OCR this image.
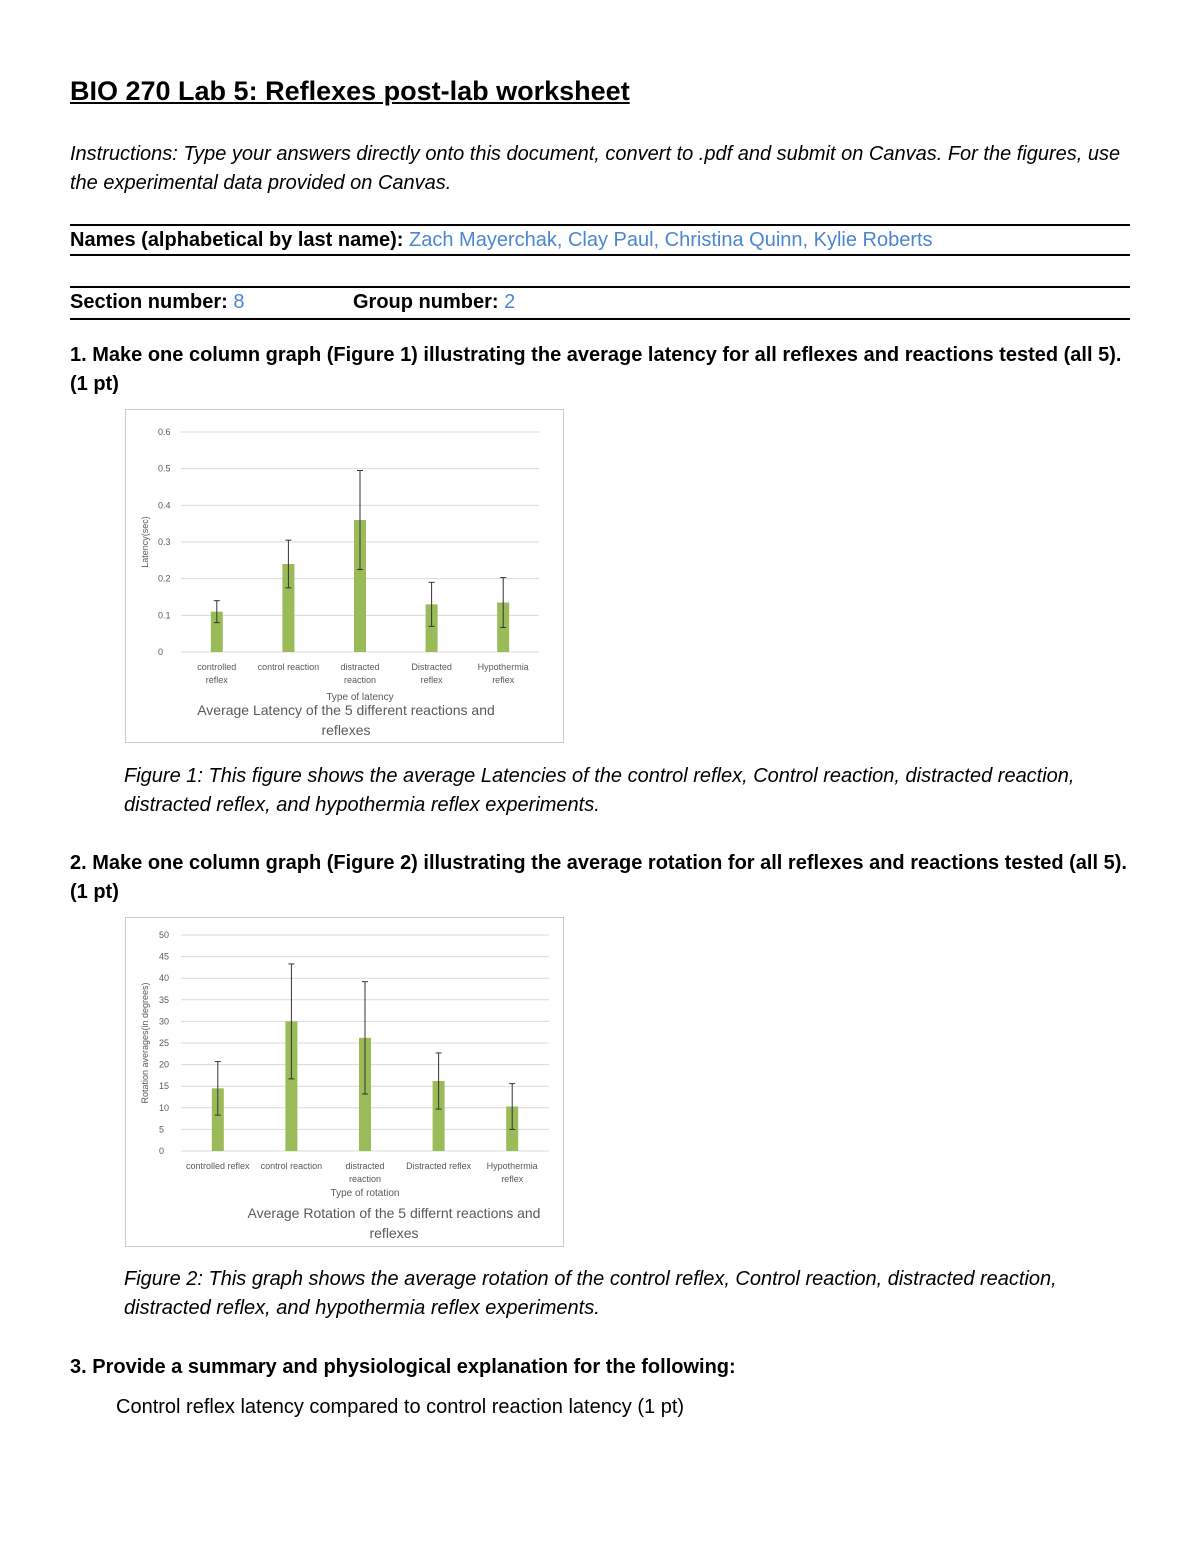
BIO 270 Lab 5: Reflexes post-lab worksheet
Instructions: Type your answers directly onto this document, convert to .pdf and submit on Canvas. For the figures, use the experimental data provided on Canvas.
Names (alphabetical by last name): Zach Mayerchak, Clay Paul, Christina Quinn, Kylie Roberts
Section number: 8	Group number: 2
1. Make one column graph (Figure 1) illustrating the average latency for all reflexes and reactions tested (all 5). (1 pt)
0
0.1
0.2
0.3
0.4
0.5
0.6
controlled
reflex
control reaction distracted
reaction
Distracted
reflex
Hypothermia
reflex
Type of latency
Latency(sec)
Average Latency of the 5 different reactions and
reflexes
Figure 1: This figure shows the average Latencies of the control reflex, Control reaction, distracted reaction, distracted reflex, and hypothermia reflex experiments.
2. Make one column graph (Figure 2) illustrating the average rotation for all reflexes and reactions tested (all 5). (1 pt)
0
5
10
15
20
25
30
35
40
45
50
controlled reflex control reaction	distracted
reaction
Distracted reflex Hypothermia
reflex
Type of rotation
Rotation averages(in degrees)
Average Rotation of the 5 differnt reactions and
reflexes
Figure 2: This graph shows the average rotation of the control reflex, Control reaction, distracted reaction, distracted reflex, and hypothermia reflex experiments.
3. Provide a summary and physiological explanation for the following:
Control reflex latency compared to control reaction latency (1 pt)
